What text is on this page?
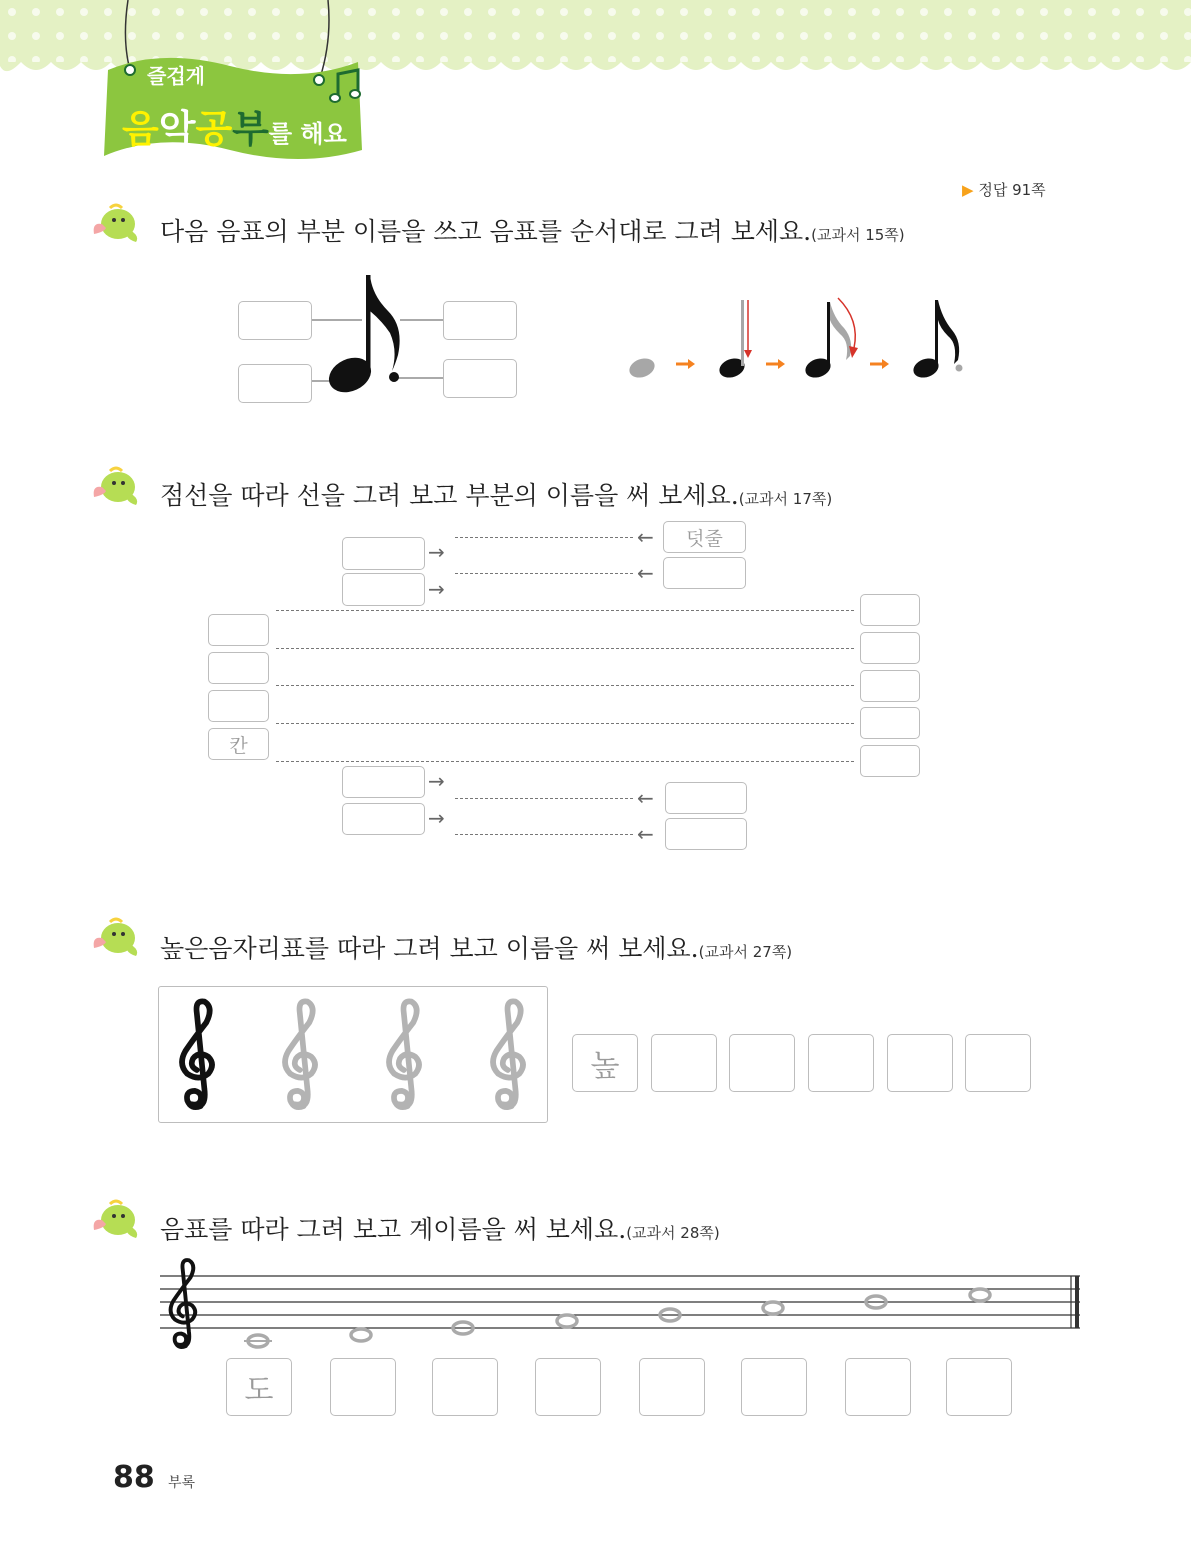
즐겁게
음악공부를 해요
▶ 정답 91쪽
다음 음표의 부분 이름을 쓰고 음표를 순서대로 그려 보세요.(교과서 15쪽)
점선을 따라 선을 그려 보고 부분의 이름을 써 보세요.(교과서 17쪽)
→
→
←
←
덧줄
칸
→
→
←
←
높은음자리표를 따라 그려 보고 이름을 써 보세요.(교과서 27쪽)
높
음표를 따라 그려 보고 계이름을 써 보세요.(교과서 28쪽)
도
88 부록
